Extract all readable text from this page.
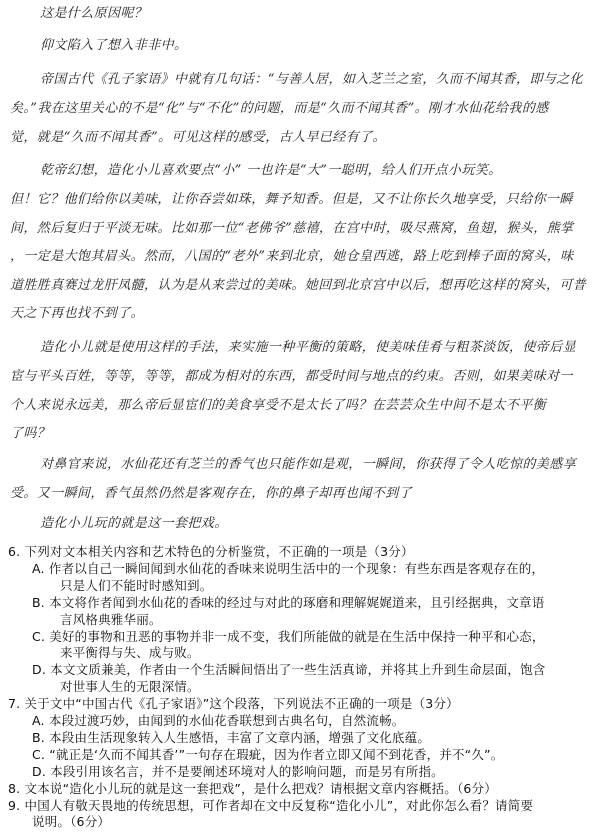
这是什么原因呢？
仰文陷入了想入非非中。
帝国古代《孔子家语》中就有几句话：“与善人居，如入芝兰之室，久而不闻其香，即与之化
矣。”我在这里关心的不是“化”与“不化”的问题，而是“久而不闻其香”。刚才水仙花给我的感
觉，就是“久而不闻其香”。可见这样的感受，古人早已经有了。
乾帝幻想，造化小儿喜欢要点“小” 一也许是“大”一聪明，给人们开点小玩笑。
但！它？他们给你以美味，让你吞尝如珠，舞予知香。但是，又不让你长久地享受，只给你一瞬
间，然后复归于平淡无味。比如那一位“老佛爷”慈禧，在宫中时，吸尽燕窝，鱼翅，猴头，熊掌
，一定是大饱其眉头。然而，八国的“老外”来到北京，她仓皇西逃，路上吃到棒子面的窝头，味
道胜胜真赛过龙肝凤髓，认为是从来尝过的美味。她回到北京宫中以后，想再吃这样的窝头，可普
天之下再也找不到了。
造化小儿就是使用这样的手法，来实施一种平衡的策略，使美味佳肴与粗茶淡饭，使帝后显
宦与平头百姓，等等，等等，都成为相对的东西，都受时间与地点的约束。否则，如果美味对一
个人来说永远美，那么帝后显宦们的美食享受不是太长了吗？在芸芸众生中间不是太不平衡
了吗？
对鼻官来说，水仙花还有芝兰的香气也只能作如是观，一瞬间，你获得了令人吃惊的美感享
受。又一瞬间，香气虽然仍然是客观存在，你的鼻子却再也闻不到了
造化小儿玩的就是这一套把戏。
6. 下列对文本相关内容和艺术特色的分析鉴赏，不正确的一项是（3分）
A. 作者以自己一瞬间闻到水仙花的香味来说明生活中的一个现象：有些东西是客观存在的，
只是人们不能时时感知到。
B. 本文将作者闻到水仙花的香味的经过与对此的琢磨和理解娓娓道来，且引经据典，文章语
言风格典雅华丽。
C. 美好的事物和丑恶的事物并非一成不变，我们所能做的就是在生活中保持一种平和心态，
来平衡得与失、成与败。
D. 本文文质兼美，作者由一个生活瞬间悟出了一些生活真谛，并将其上升到生命层面，饱含
对世事人生的无限深情。
7. 关于文中“中国古代《孔子家语》”这个段落，下列说法不正确的一项是（3分）
A. 本段过渡巧妙，由闻到的水仙花香联想到古典名句，自然流畅。
B. 本段由生活现象转入人生感悟，丰富了文章内涵，增强了文化底蕴。
C. “就正是‘久而不闻其香’”一句存在瑕疵，因为作者立即又闻不到花香，并不“久”。
D. 本段引用该名言，并不是要阐述环境对人的影响问题，而是另有所指。
8. 文本说“造化小儿玩的就是这一套把戏”，是什么把戏？请根据文章内容概括。（6分）
9. 中国人有敬天畏地的传统思想，可作者却在文中反复称“造化小儿”，对此你怎么看？请简要
说明。（6分）
